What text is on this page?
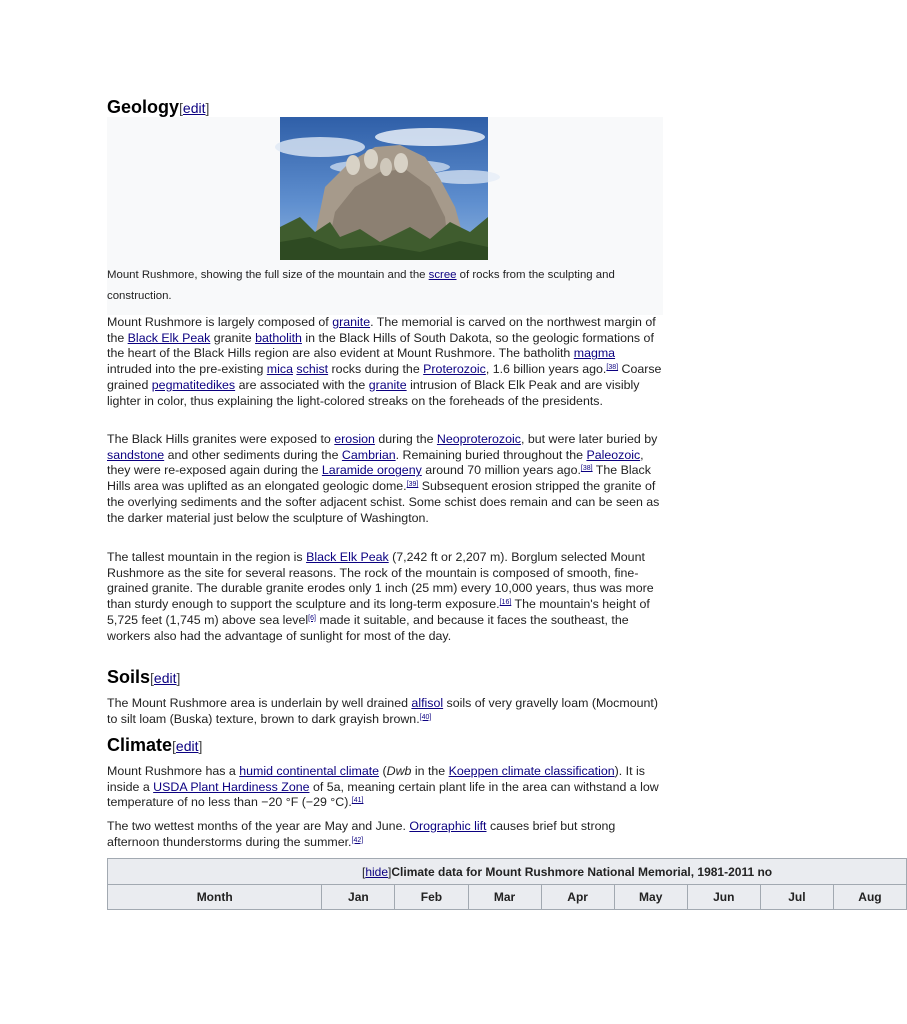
Geology[edit]
Mount Rushmore, showing the full size of the mountain and the scree of rocks from the sculpting and construction.

Mount Rushmore is largely composed of granite. The memorial is carved on the northwest margin of the Black Elk Peak granite batholith in the Black Hills of South Dakota, so the geologic formations of the heart of the Black Hills region are also evident at Mount Rushmore. The batholith magma intruded into the pre-existing mica schist rocks during the Proterozoic, 1.6 billion years ago.[38] Coarse grained pegmatitedikes are associated with the granite intrusion of Black Elk Peak and are visibly lighter in color, thus explaining the light-colored streaks on the foreheads of the presidents.

The Black Hills granites were exposed to erosion during the Neoproterozoic, but were later buried by sandstone and other sediments during the Cambrian. Remaining buried throughout the Paleozoic, they were re-exposed again during the Laramide orogeny around 70 million years ago.[38] The Black Hills area was uplifted as an elongated geologic dome.[39] Subsequent erosion stripped the granite of the overlying sediments and the softer adjacent schist. Some schist does remain and can be seen as the darker material just below the sculpture of Washington.

The tallest mountain in the region is Black Elk Peak (7,242 ft or 2,207 m). Borglum selected Mount Rushmore as the site for several reasons. The rock of the mountain is composed of smooth, fine-grained granite. The durable granite erodes only 1 inch (25 mm) every 10,000 years, thus was more than sturdy enough to support the sculpture and its long-term exposure.[16] The mountain's height of 5,725 feet (1,745 m) above sea level[6] made it suitable, and because it faces the southeast, the workers also had the advantage of sunlight for most of the day.

Soils[edit]

The Mount Rushmore area is underlain by well drained alfisol soils of very gravelly loam (Mocmount) to silt loam (Buska) texture, brown to dark grayish brown.[40]

Climate[edit]

Mount Rushmore has a humid continental climate (Dwb in the Koeppen climate classification). It is inside a USDA Plant Hardiness Zone of 5a, meaning certain plant life in the area can withstand a low temperature of no less than −20 °F (−29 °C).[41]

The two wettest months of the year are May and June. Orographic lift causes brief but strong afternoon thunderstorms during the summer.[42]

[hide]Climate data for Mount Rushmore National Memorial, 1981-2011 no
Month	Jan	Feb	Mar	Apr	May	Jun	Jul	Aug
